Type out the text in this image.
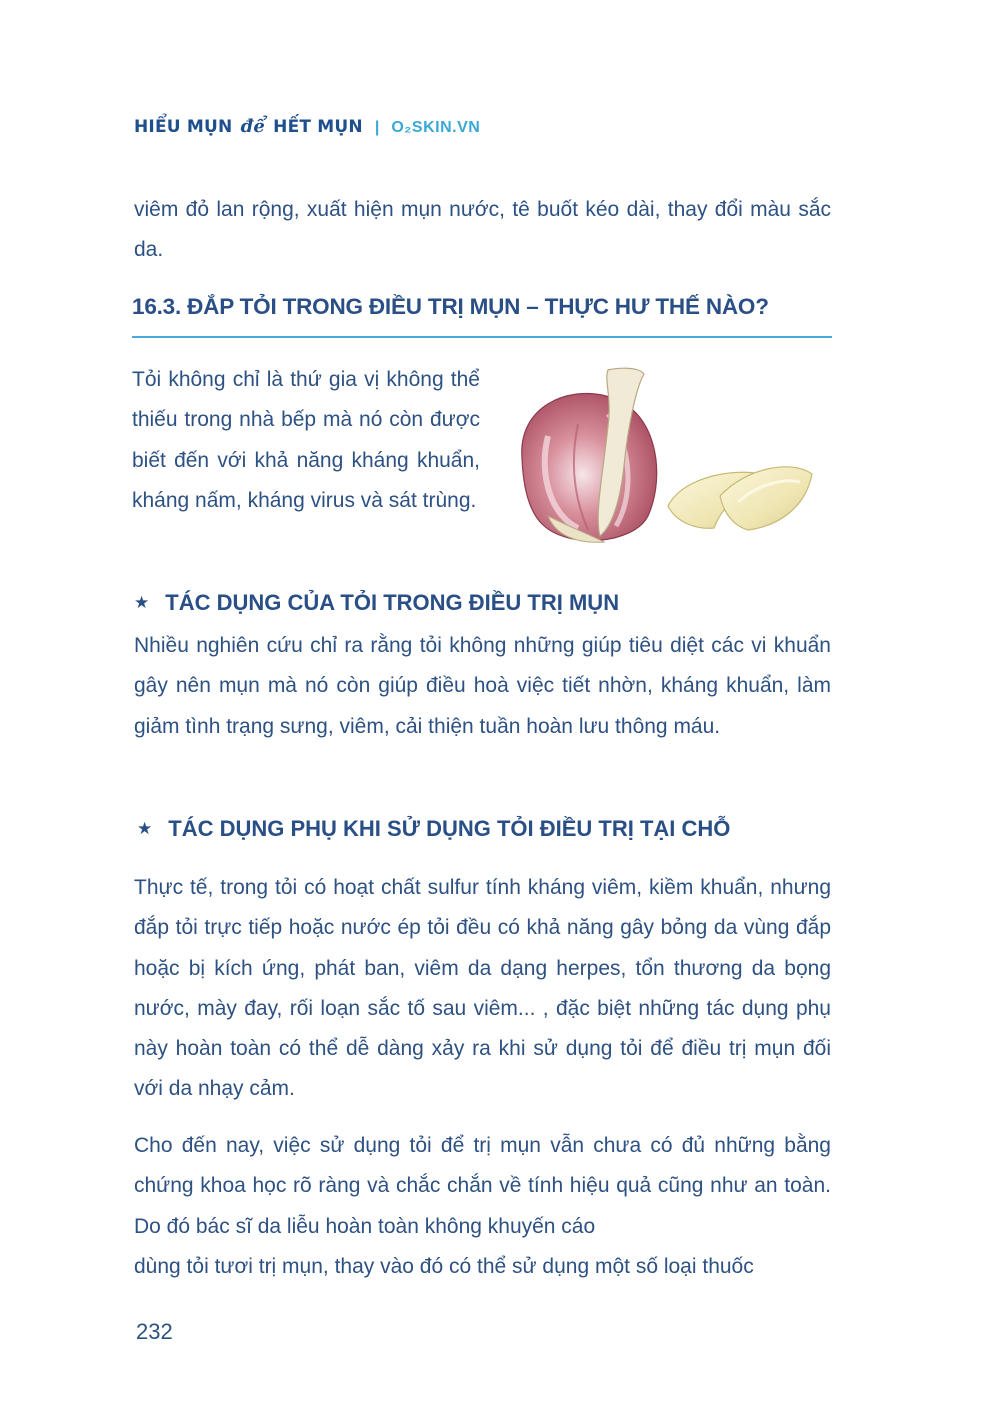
HIỂU MỤN để HẾT MỤN | O₂SKIN.VN

viêm đỏ lan rộng, xuất hiện mụn nước, tê buốt kéo dài, thay đổi màu sắc da.

16.3. ĐẮP TỎI TRONG ĐIỀU TRỊ MỤN – THỰC HƯ THẾ NÀO?

Tỏi không chỉ là thứ gia vị không thể thiếu trong nhà bếp mà nó còn được biết đến với khả năng kháng khuẩn, kháng nấm, kháng virus và sát trùng.

★ TÁC DỤNG CỦA TỎI TRONG ĐIỀU TRỊ MỤN

Nhiều nghiên cứu chỉ ra rằng tỏi không những giúp tiêu diệt các vi khuẩn gây nên mụn mà nó còn giúp điều hoà việc tiết nhờn, kháng khuẩn, làm giảm tình trạng sưng, viêm, cải thiện tuần hoàn lưu thông máu.

★ TÁC DỤNG PHỤ KHI SỬ DỤNG TỎI ĐIỀU TRỊ TẠI CHỖ

Thực tế, trong tỏi có hoạt chất sulfur tính kháng viêm, kiềm khuẩn, nhưng đắp tỏi trực tiếp hoặc nước ép tỏi đều có khả năng gây bỏng da vùng đắp hoặc bị kích ứng, phát ban, viêm da dạng herpes, tổn thương da bọng nước, mày đay, rối loạn sắc tố sau viêm... , đặc biệt những tác dụng phụ này hoàn toàn có thể dễ dàng xảy ra khi sử dụng tỏi để điều trị mụn đối với da nhạy cảm.

Cho đến nay, việc sử dụng tỏi để trị mụn vẫn chưa có đủ những bằng chứng khoa học rõ ràng và chắc chắn về tính hiệu quả cũng như an toàn. Do đó bác sĩ da liễu hoàn toàn không khuyến cáo
dùng tỏi tươi trị mụn, thay vào đó có thể sử dụng một số loại thuốc

232
